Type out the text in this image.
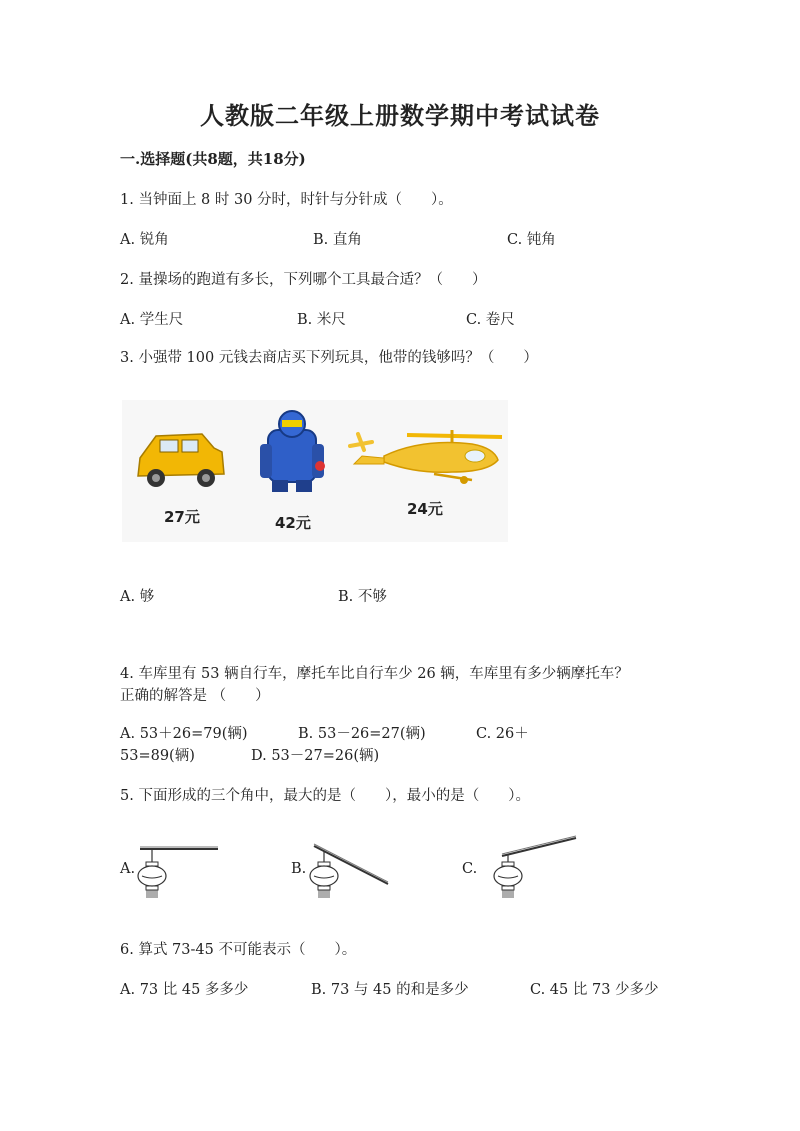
人教版二年级上册数学期中考试试卷
一.选择题(共8题，共18分)
1. 当钟面上 8 时 30 分时，时针与分针成（　　）。
A. 锐角	B. 直角	C. 钝角
2. 量操场的跑道有多长，下列哪个工具最合适？（　　）
A. 学生尺	B. 米尺	C. 卷尺
3. 小强带 100 元钱去商店买下列玩具，他带的钱够吗？（　　）
27元	42元
24元
A. 够	B. 不够
4. 车库里有 53 辆自行车，摩托车比自行车少 26 辆，车库里有多少辆摩托车？
正确的解答是 （　　）
A. 53＋26=79(辆)	B. 53－26=27(辆)	C. 26＋
53=89(辆)	D. 53－27=26(辆)
5. 下面形成的三个角中，最大的是（　　），最小的是（　　）。
A.	B.	C.
6. 算式 73-45 不可能表示（　　）。
A. 73 比 45 多多少	B. 73 与 45 的和是多少	C. 45 比 73 少多少
